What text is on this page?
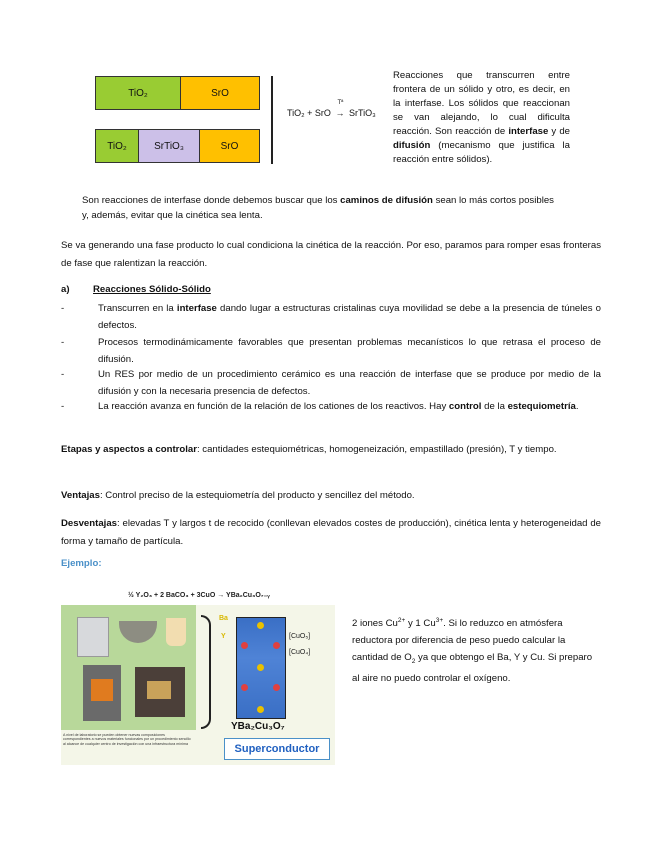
TiO₂	SrO
TiO₂	SrTiO₃	SrO
TiO₂ + SrO
Tª
→ SrTiO₃
Reacciones que transcurren entre frontera de un sólido y otro, es decir, en la interfase. Los sólidos que reaccionan se van alejando, lo cual dificulta reacción. Son reacción de interfase y de difusión (mecanismo que justifica la reacción entre sólidos).
Son reacciones de interfase donde debemos buscar que los caminos de difusión sean lo más cortos posibles y, además, evitar que la cinética sea lenta.
Se va generando una fase producto lo cual condiciona la cinética de la reacción. Por eso, paramos para romper esas fronteras de fase que ralentizan la reacción.
a) Reacciones Sólido-Sólido
-	Transcurren en la interfase dando lugar a estructuras cristalinas cuya movilidad se debe a la presencia de túneles o defectos.
-	Procesos termodinámicamente favorables que presentan problemas mecanísticos lo que retrasa el proceso de difusión.
-	Un RES por medio de un procedimiento cerámico es una reacción de interfase que se produce por medio de la difusión y con la necesaria presencia de defectos.
-	La reacción avanza en función de la relación de los cationes de los reactivos. Hay control de la estequiometría.
Etapas y aspectos a controlar: cantidades estequiométricas, homogeneización, empastillado (presión), T y tiempo.
Ventajas: Control preciso de la estequiometría del producto y sencillez del método.
Desventajas: elevadas T y largos t de recocido (conllevan elevados costes de producción), cinética lenta y heterogeneidad de forma y tamaño de partícula.
Ejemplo:
½ Y₂O₃ + 2 BaCO₃ + 3CuO → YBa₂Cu₃O₇₋ᵧ
A nivel de laboratorio se pueden obtener nuevas composiciones correspondientes a nuevos materiales funcionales por un procedimiento sencillo al alcance de cualquier centro de investigación con una infraestructura mínima
Ba
Y	[CuO₅]
[CuO₄]
YBa₂Cu₃O₇
Superconductor
2 iones $Cu^{2+}$ y 1 $Cu^{3+}$. Si lo reduzco en atmósfera reductora por diferencia de peso puedo calcular la cantidad de $O_2$ ya que obtengo el Ba, Y y Cu. Si preparo al aire no puedo controlar el oxígeno.
